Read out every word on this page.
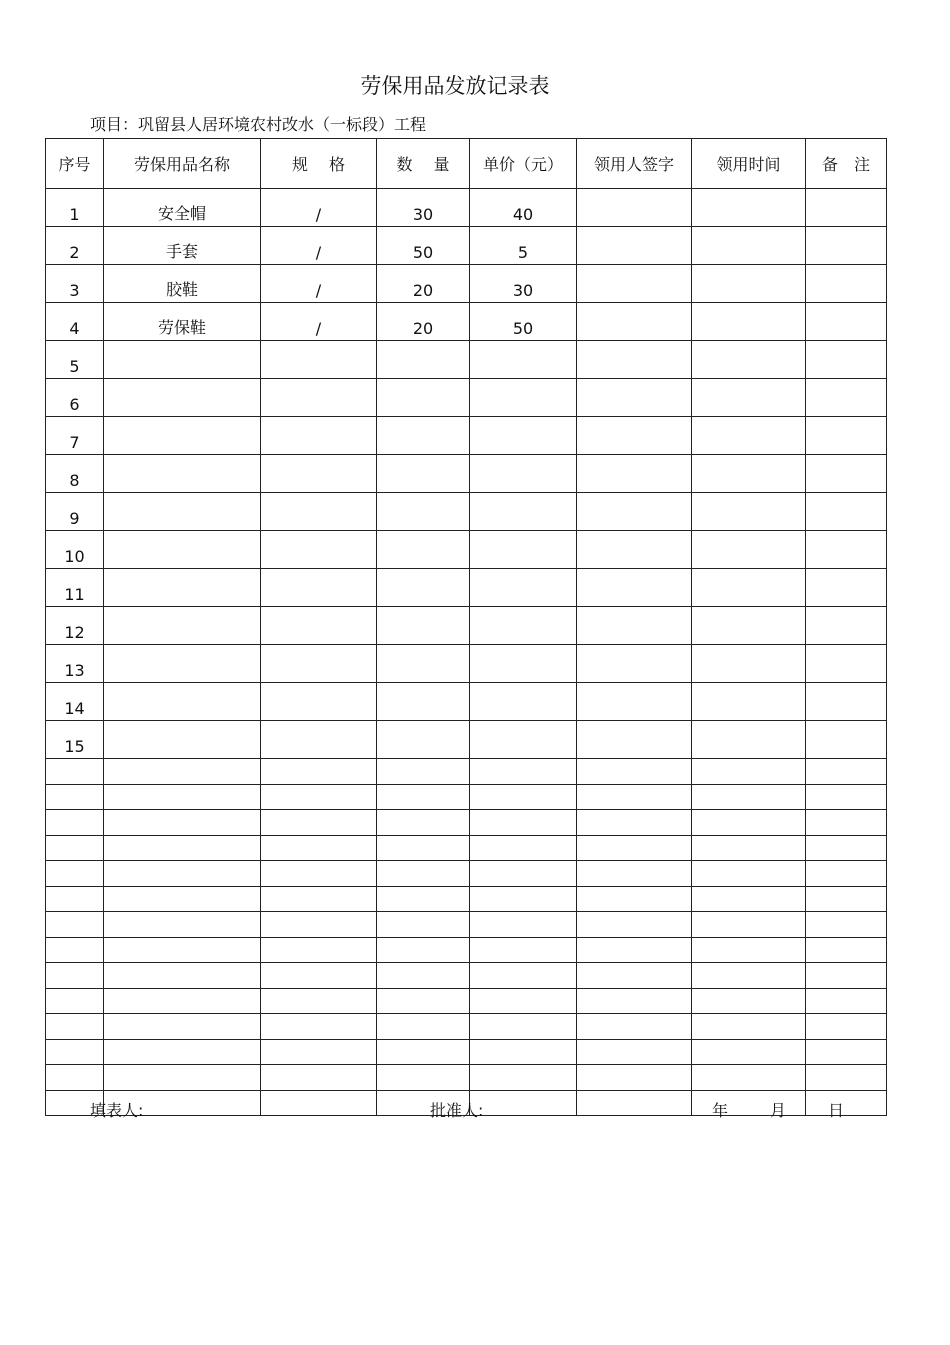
劳保用品发放记录表
项目：巩留县人居环境农村改水（一标段）工程
序号	劳保用品名称	规　 格	数　 量	单价（元）	领用人签字	领用时间	备　注
1	安全帽	/	30	40			
2	手套	/	50	5			
3	胶鞋	/	20	30			
4	劳保鞋	/	20	50			
5							
6							
7							
8							
9							
10							
11							
12							
13							
14							
15							

填表人:	批准人:	年	月	日
